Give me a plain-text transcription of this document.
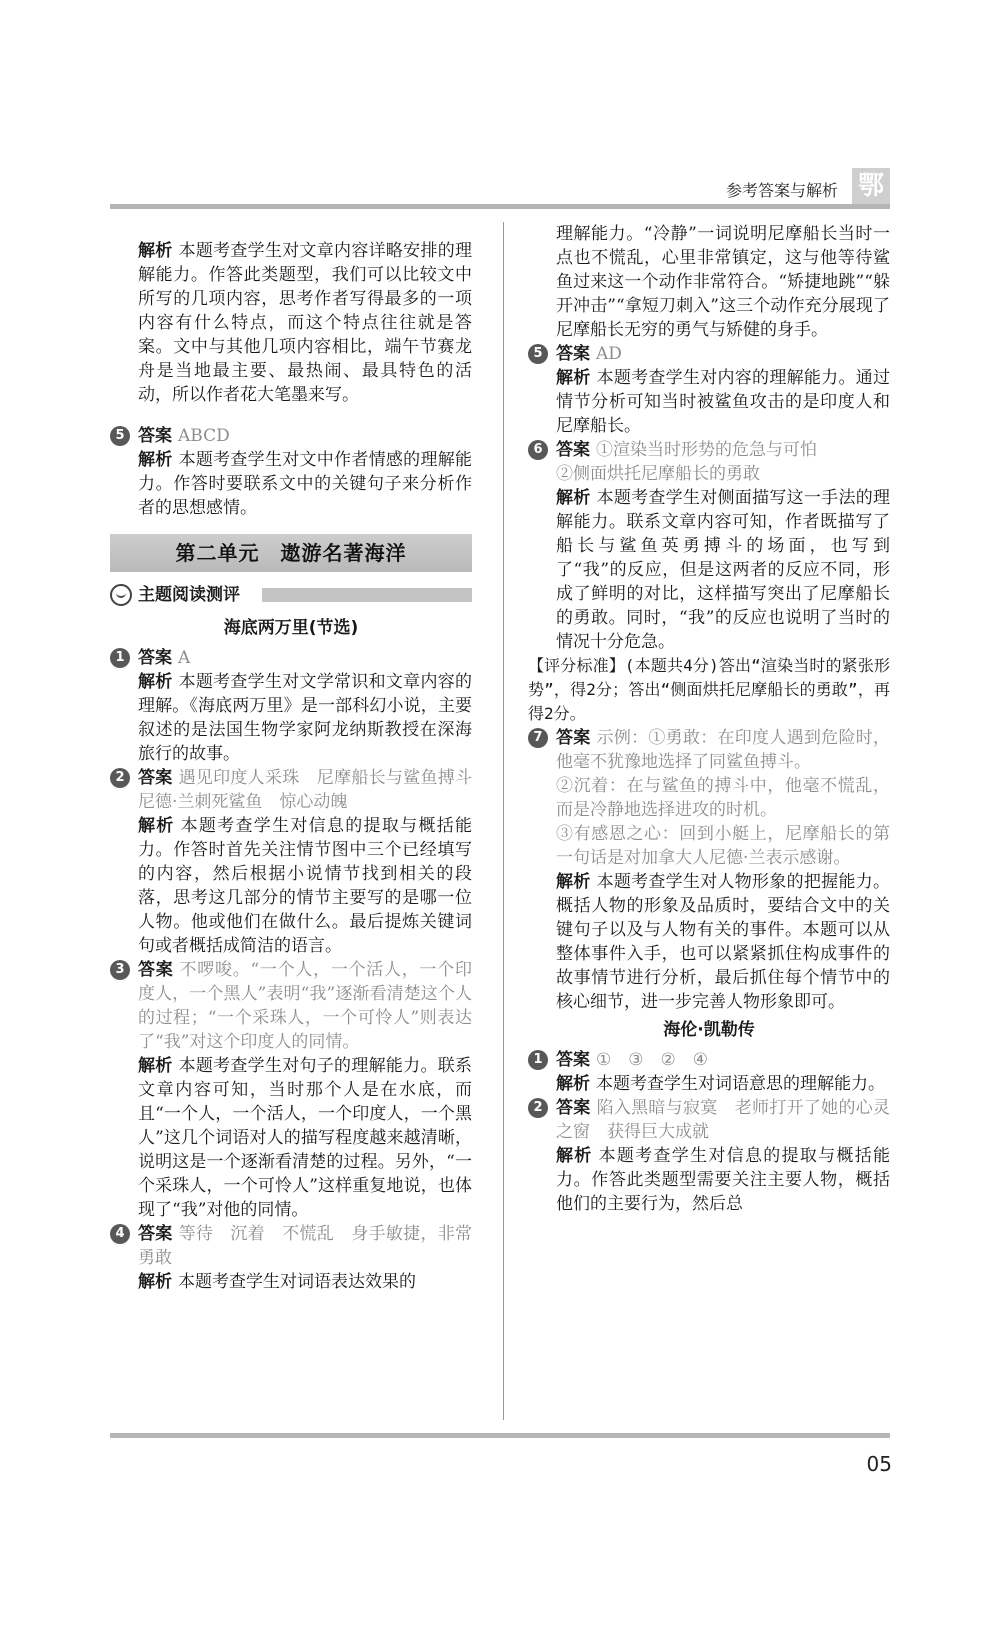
参考答案与解析 鄂

解析 本题考查学生对文章内容详略安排的理解能力。作答此类题型，我们可以比较文中所写的几项内容，思考作者写得最多的一项内容有什么特点，而这个特点往往就是答案。文中与其他几项内容相比，端午节赛龙舟是当地最主要、最热闹、最具特色的活动，所以作者花大笔墨来写。

5 答案 ABCD
解析 本题考查学生对文中作者情感的理解能力。作答时要联系文中的关键句子来分析作者的思想感情。
第二单元　遨游名著海洋
主题阅读测评
海底两万里(节选)
1 答案 A
解析 本题考查学生对文学常识和文章内容的理解。《海底两万里》是一部科幻小说，主要叙述的是法国生物学家阿龙纳斯教授在深海旅行的故事。
2 答案 遇见印度人采珠　尼摩船长与鲨鱼搏斗　尼德·兰刺死鲨鱼　惊心动魄
解析 本题考查学生对信息的提取与概括能力。作答时首先关注情节图中三个已经填写的内容，然后根据小说情节找到相关的段落，思考这几部分的情节主要写的是哪一位人物。他或他们在做什么。最后提炼关键词句或者概括成简洁的语言。
3 答案 不啰唆。“一个人，一个活人，一个印度人，一个黑人”表明“我”逐渐看清楚这个人的过程；“一个采珠人，一个可怜人”则表达了“我”对这个印度人的同情。
解析 本题考查学生对句子的理解能力。联系文章内容可知，当时那个人是在水底，而且“一个人，一个活人，一个印度人，一个黑人”这几个词语对人的描写程度越来越清晰，说明这是一个逐渐看清楚的过程。另外，“一个采珠人，一个可怜人”这样重复地说，也体现了“我”对他的同情。
4 答案 等待　沉着　不慌乱　身手敏捷，非常勇敢
解析 本题考查学生对词语表达效果的

理解能力。“冷静”一词说明尼摩船长当时一点也不慌乱，心里非常镇定，这与他等待鲨鱼过来这一个动作非常符合。“矫捷地跳”“躲开冲击”“拿短刀刺入”这三个动作充分展现了尼摩船长无穷的勇气与矫健的身手。

5 答案 AD
解析 本题考查学生对内容的理解能力。通过情节分析可知当时被鲨鱼攻击的是印度人和尼摩船长。
6 答案 ①渲染当时形势的危急与可怕
②侧面烘托尼摩船长的勇敢
解析 本题考查学生对侧面描写这一手法的理解能力。联系文章内容可知，作者既描写了船长与鲨鱼英勇搏斗的场面，也写到了“我”的反应，但是这两者的反应不同，形成了鲜明的对比，这样描写突出了尼摩船长的勇敢。同时，“我”的反应也说明了当时的情况十分危急。
【评分标准】(本题共4分)答出“渲染当时的紧张形势”，得2分；答出“侧面烘托尼摩船长的勇敢”，再得2分。
7 答案 示例：①勇敢：在印度人遇到危险时，他毫不犹豫地选择了同鲨鱼搏斗。
②沉着：在与鲨鱼的搏斗中，他毫不慌乱，而是冷静地选择进攻的时机。
③有感恩之心：回到小艇上，尼摩船长的第一句话是对加拿大人尼德·兰表示感谢。
解析 本题考查学生对人物形象的把握能力。概括人物的形象及品质时，要结合文中的关键句子以及与人物有关的事件。本题可以从整体事件入手，也可以紧紧抓住构成事件的故事情节进行分析，最后抓住每个情节中的核心细节，进一步完善人物形象即可。
海伦·凯勒传
1 答案 ①　③　②　④
解析 本题考查学生对词语意思的理解能力。
2 答案 陷入黑暗与寂寞　老师打开了她的心灵之窗　获得巨大成就
解析 本题考查学生对信息的提取与概括能力。作答此类题型需要关注主要人物，概括他们的主要行为，然后总
05
